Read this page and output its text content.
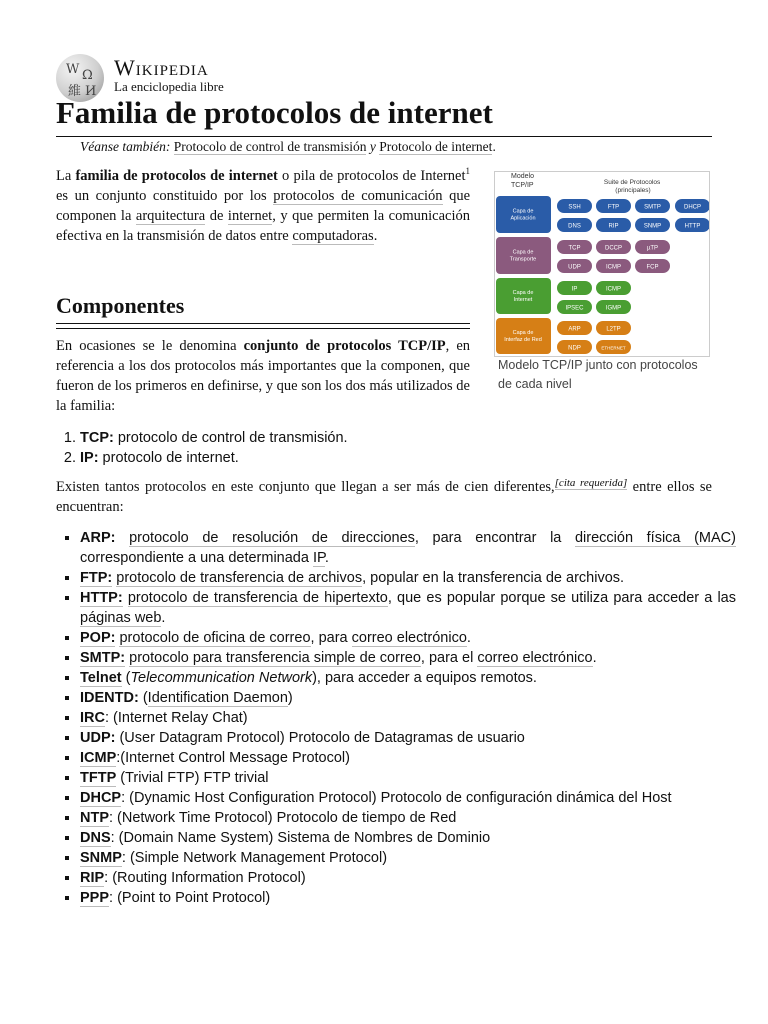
W Ω
維 И
Wikipedia
La enciclopedia libre
Familia de protocolos de internet
Véanse también: Protocolo de control de transmisión y Protocolo de internet.
La familia de protocolos de internet o pila de protocolos de Internet$^1$ es un conjunto constituido por los protocolos de comunicación que componen la arquitectura de internet, y que permiten la comunicación efectiva en la transmisión de datos entre computadoras.
Modelo TCP/IP	Suite de Protocolos (principales)
Capa de Aplicación
SSH	FTP	SMTP	DHCP
DNS	RIP	SNMP	HTTP
Capa de Transporte
TCP	DCCP	µTP
UDP	ICMP	FCP
Capa de Internet
IP	ICMP
IPSEC	IGMP
Capa de Interfaz de Red
ARP	L2TP
NDP	ETHERNET
Modelo TCP/IP junto con protocolos de cada nivel
Componentes
En ocasiones se le denomina conjunto de protocolos TCP/IP, en referencia a los dos protocolos más importantes que la componen, que fueron de los primeros en definirse, y que son los dos más utilizados de la familia:
1. TCP: protocolo de control de transmisión.
2. IP: protocolo de internet.
Existen tantos protocolos en este conjunto que llegan a ser más de cien diferentes,[cita requerida] entre ellos se encuentran:
▪ ARP: protocolo de resolución de direcciones, para encontrar la dirección física (MAC) correspondiente a una determinada IP.
▪ FTP: protocolo de transferencia de archivos, popular en la transferencia de archivos.
▪ HTTP: protocolo de transferencia de hipertexto, que es popular porque se utiliza para acceder a las páginas web.
▪ POP: protocolo de oficina de correo, para correo electrónico.
▪ SMTP: protocolo para transferencia simple de correo, para el correo electrónico.
▪ Telnet (Telecommunication Network), para acceder a equipos remotos.
▪ IDENTD: (Identification Daemon)
▪ IRC: (Internet Relay Chat)
▪ UDP: (User Datagram Protocol) Protocolo de Datagramas de usuario
▪ ICMP:(Internet Control Message Protocol)
▪ TFTP (Trivial FTP) FTP trivial
▪ DHCP: (Dynamic Host Configuration Protocol) Protocolo de configuración dinámica del Host
▪ NTP: (Network Time Protocol) Protocolo de tiempo de Red
▪ DNS: (Domain Name System) Sistema de Nombres de Dominio
▪ SNMP: (Simple Network Management Protocol)
▪ RIP: (Routing Information Protocol)
▪ PPP: (Point to Point Protocol)
